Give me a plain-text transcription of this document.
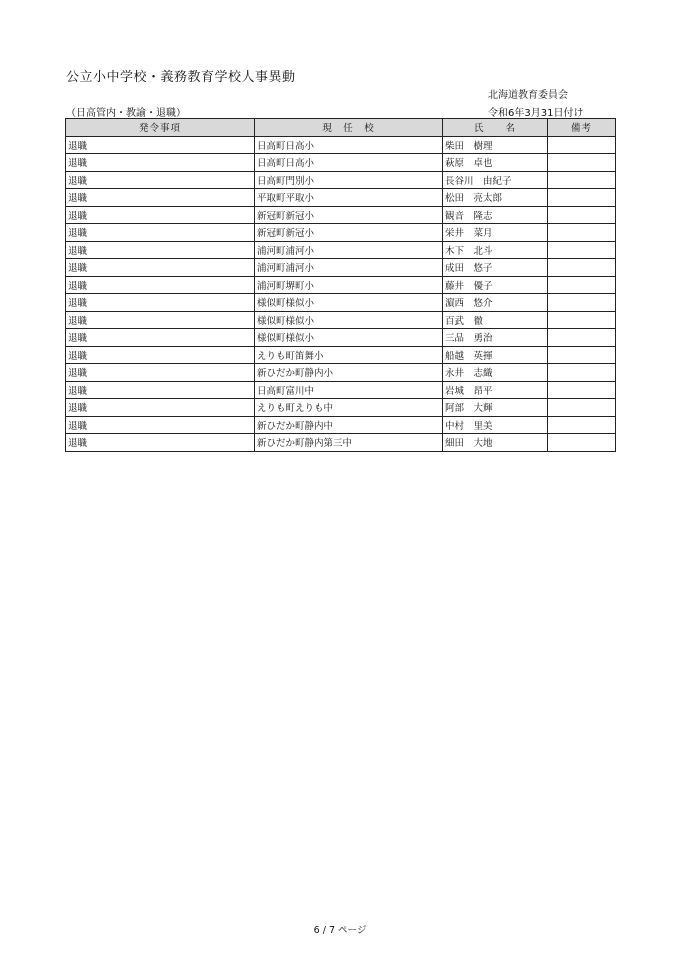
公立小中学校・義務教育学校人事異動
北海道教育委員会
（日高管内・教諭・退職）	令和6年3月31日付け
発令事項	現　任　校	氏　　名	備考
退職	日高町日高小	柴田　樹理	
退職	日高町日高小	萩原　卓也	
退職	日高町門別小	長谷川　由紀子	
退職	平取町平取小	松田　亮太郎	
退職	新冠町新冠小	観音　隆志	
退職	新冠町新冠小	栄井　菜月	
退職	浦河町浦河小	木下　北斗	
退職	浦河町浦河小	成田　悠子	
退職	浦河町堺町小	藤井　優子	
退職	様似町様似小	濵西　悠介	
退職	様似町様似小	百武　徹	
退職	様似町様似小	三品　勇治	
退職	えりも町笛舞小	船越　英揮	
退職	新ひだか町静内小	永井　志織	
退職	日高町富川中	岩城　昂平	
退職	えりも町えりも中	阿部　大輝	
退職	新ひだか町静内中	中村　里美	
退職	新ひだか町静内第三中	細田　大地	
6 / 7 ページ
